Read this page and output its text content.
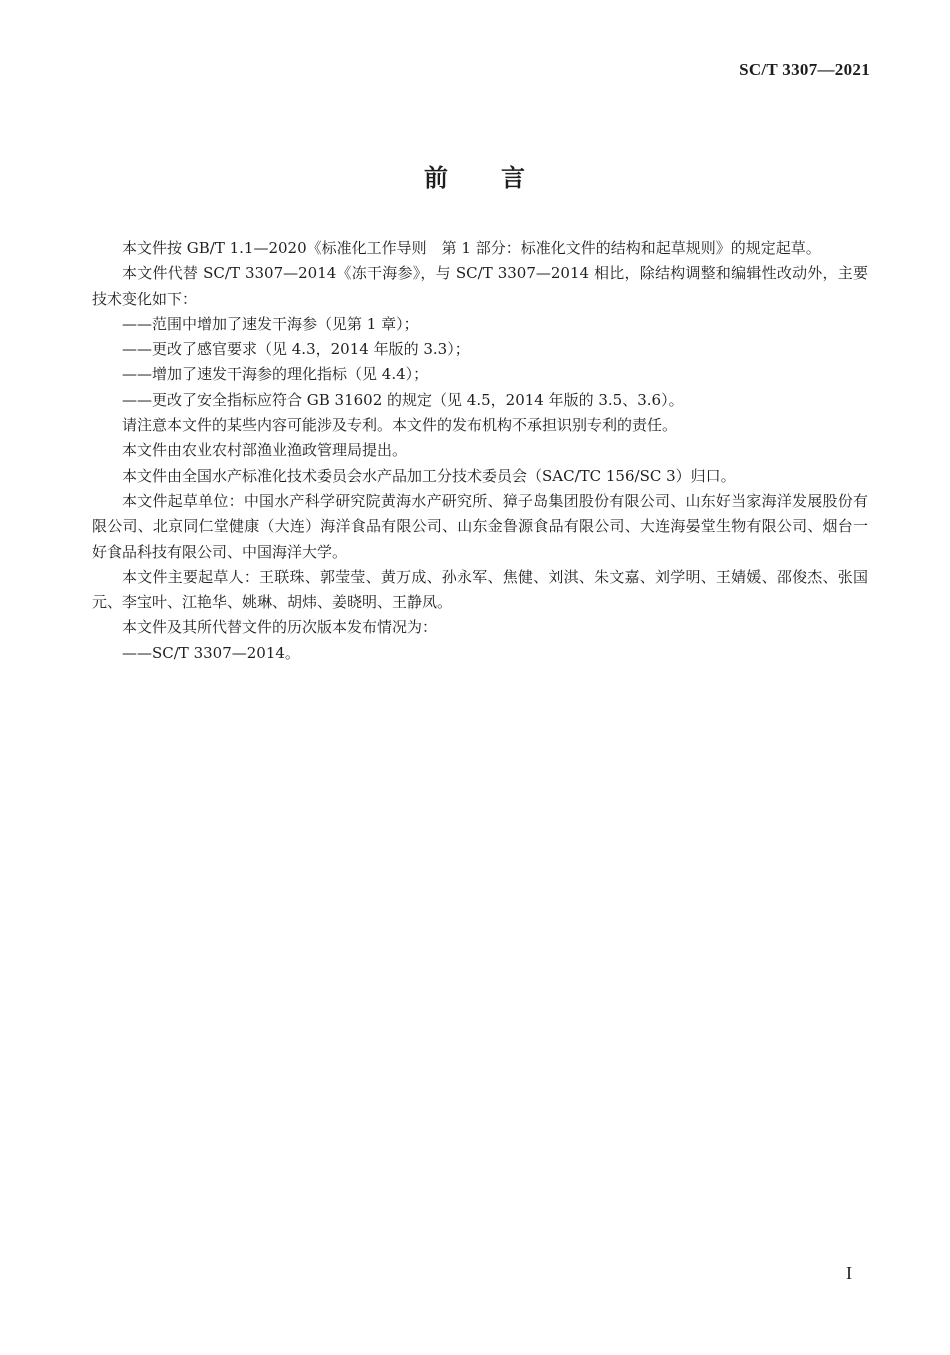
SC/T 3307—2021
前 言

本文件按 GB/T 1.1—2020《标准化工作导则　第 1 部分：标准化文件的结构和起草规则》的规定起草。

本文件代替 SC/T 3307—2014《冻干海参》，与 SC/T 3307—2014 相比，除结构调整和编辑性改动外，主要技术变化如下：

——范围中增加了速发干海参（见第 1 章）；

——更改了感官要求（见 4.3，2014 年版的 3.3）；

——增加了速发干海参的理化指标（见 4.4）；

——更改了安全指标应符合 GB 31602 的规定（见 4.5，2014 年版的 3.5、3.6）。

请注意本文件的某些内容可能涉及专利。本文件的发布机构不承担识别专利的责任。

本文件由农业农村部渔业渔政管理局提出。

本文件由全国水产标准化技术委员会水产品加工分技术委员会（SAC/TC 156/SC 3）归口。

本文件起草单位：中国水产科学研究院黄海水产研究所、獐子岛集团股份有限公司、山东好当家海洋发展股份有限公司、北京同仁堂健康（大连）海洋食品有限公司、山东金鲁源食品有限公司、大连海晏堂生物有限公司、烟台一好食品科技有限公司、中国海洋大学。

本文件主要起草人：王联珠、郭莹莹、黄万成、孙永军、焦健、刘淇、朱文嘉、刘学明、王婧媛、邵俊杰、张国元、李宝叶、江艳华、姚琳、胡炜、姜晓明、王静凤。

本文件及其所代替文件的历次版本发布情况为：

——SC/T 3307—2014。

I
